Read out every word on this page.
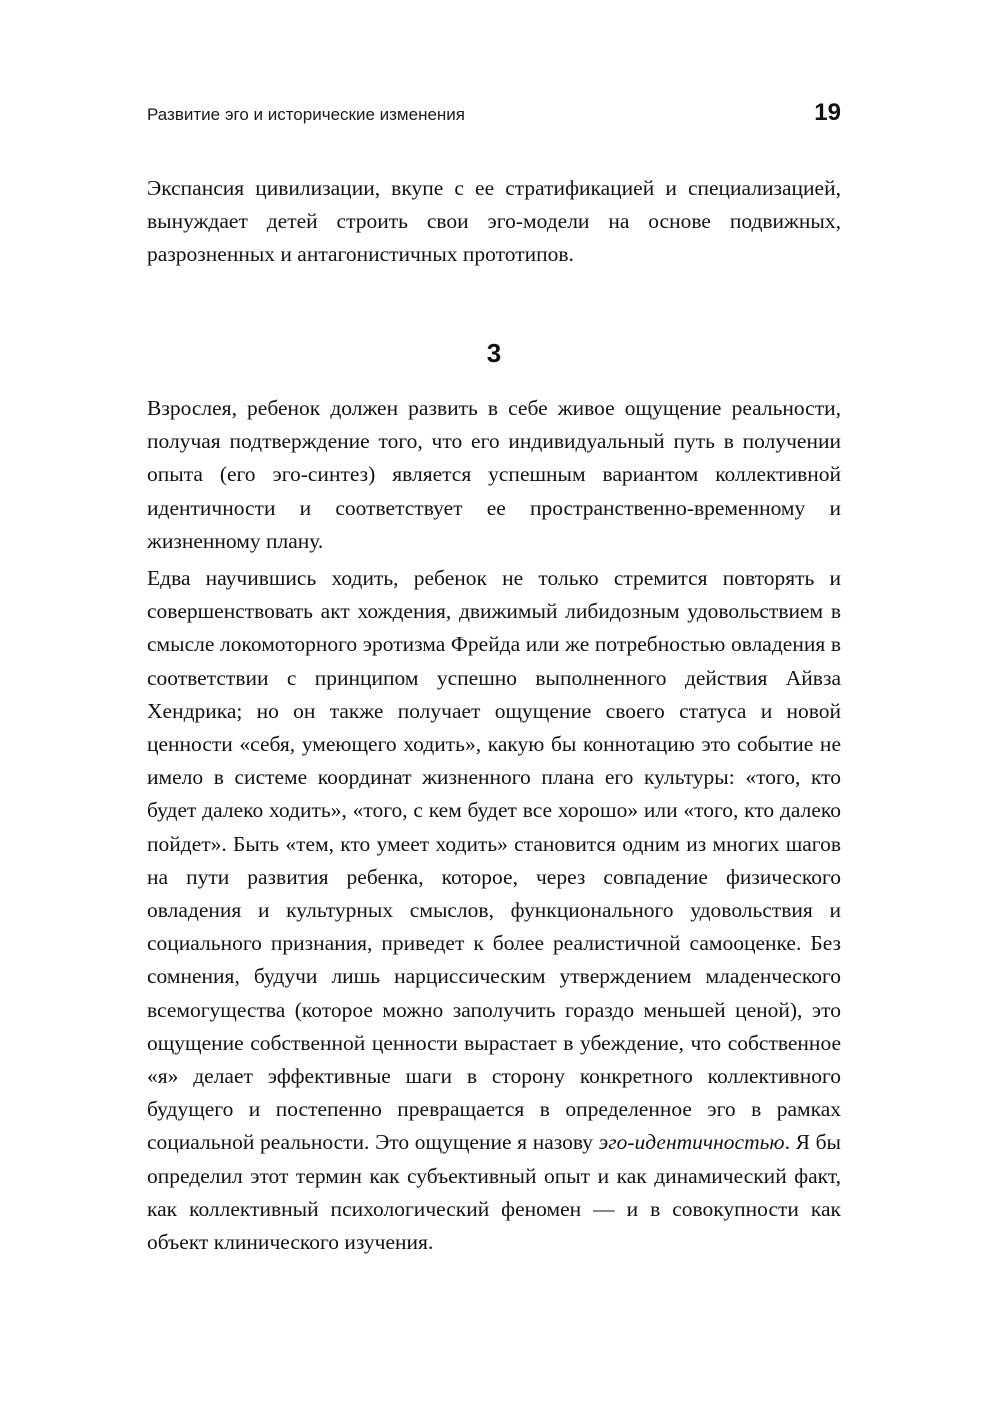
Развитие эго и исторические изменения	19

Экспансия цивилизации, вкупе с ее стратификацией и специализацией, вынуждает детей строить свои эго-модели на основе подвижных, разрозненных и антагонистичных прототипов.

3

Взрослея, ребенок должен развить в себе живое ощущение реальности, получая подтверждение того, что его индивидуальный путь в получении опыта (его эго-синтез) является успешным вариантом коллективной идентичности и соответствует ее пространственно-временному и жизненному плану.

Едва научившись ходить, ребенок не только стремится повторять и совершенствовать акт хождения, движимый либидозным удовольствием в смысле локомоторного эротизма Фрейда или же потребностью овладения в соответствии с принципом успешно выполненного действия Айвза Хендрика; но он также получает ощущение своего статуса и новой ценности «себя, умеющего ходить», какую бы коннотацию это событие не имело в системе координат жизненного плана его культуры: «того, кто будет далеко ходить», «того, с кем будет все хорошо» или «того, кто далеко пойдет». Быть «тем, кто умеет ходить» становится одним из многих шагов на пути развития ребенка, которое, через совпадение физического овладения и культурных смыслов, функционального удовольствия и социального признания, приведет к более реалистичной самооценке. Без сомнения, будучи лишь нарциссическим утверждением младенческого всемогущества (которое можно заполучить гораздо меньшей ценой), это ощущение собственной ценности вырастает в убеждение, что собственное «я» делает эффективные шаги в сторону конкретного коллективного будущего и постепенно превращается в определенное эго в рамках социальной реальности. Это ощущение я назову эго-идентичностью. Я бы определил этот термин как субъективный опыт и как динамический факт, как коллективный психологический феномен — и в совокупности как объект клинического изучения.
